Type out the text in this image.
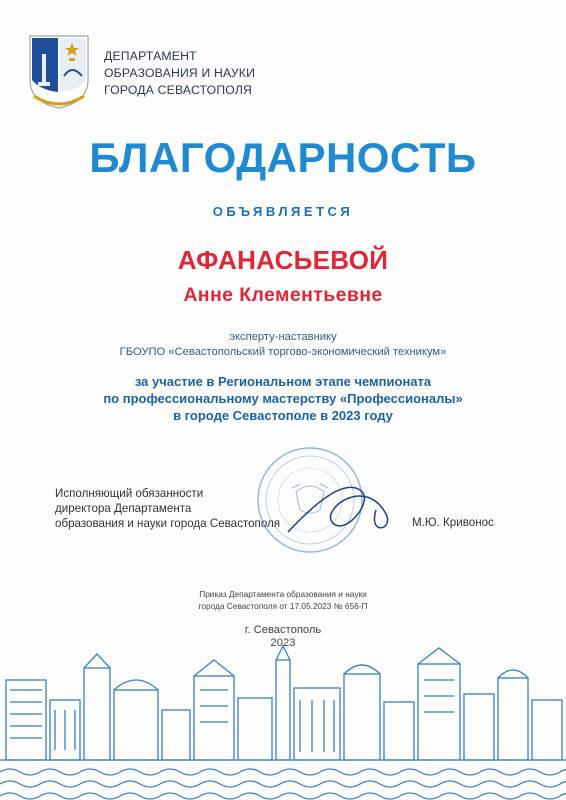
ДЕПАРТАМЕНТ
ОБРАЗОВАНИЯ И НАУКИ
ГОРОДА СЕВАСТОПОЛЯ
БЛАГОДАРНОСТЬ
ОБЪЯВЛЯЕТСЯ
АФАНАСЬЕВОЙ
Анне Клементьевне
эксперту-наставнику
ГБОУПО «Севастопольский торгово-экономический техникум»
за участие в Региональном этапе чемпионата
по профессиональному мастерству «Профессионалы»
в городе Севастополе в 2023 году
Исполняющий обязанности
директора Департамента
образования и науки города Севастополя	М.Ю. Кривонос
Приказ Департамента образования и науки
города Севастополя от 17.05.2023 № 656-П
г. Севастополь
2023
